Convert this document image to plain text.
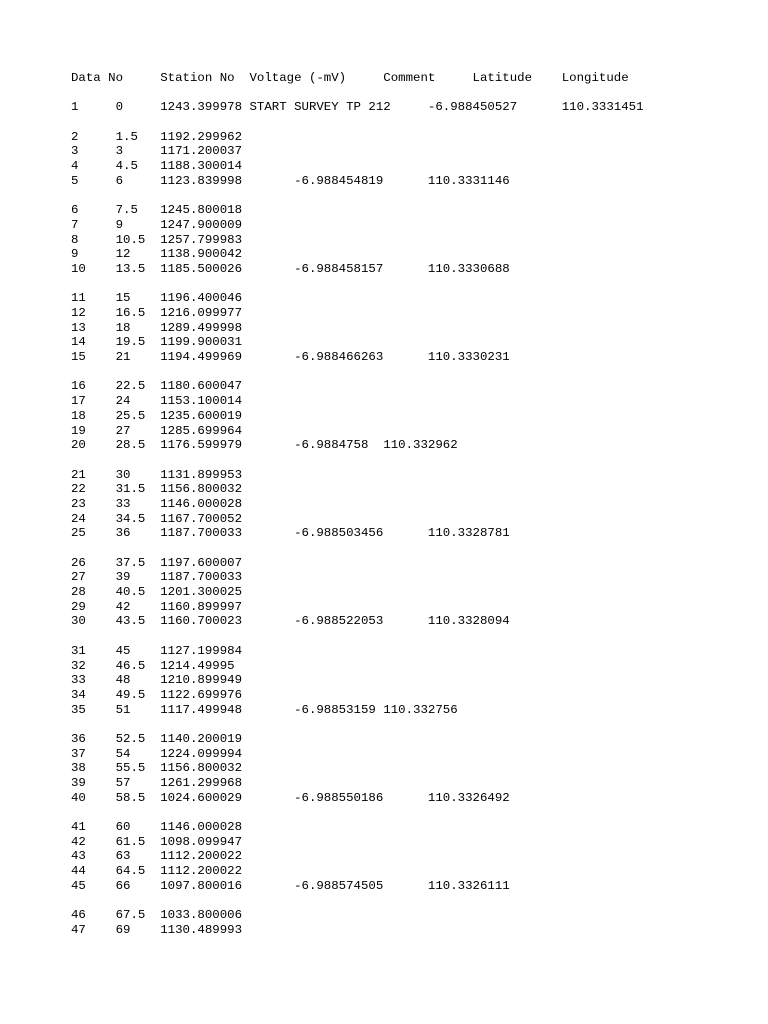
Data No     Station No  Voltage (-mV)     Comment     Latitude    Longitude
1     0     1243.399978 START SURVEY TP 212     -6.988450527      110.3331451
2     1.5   1192.299962
3     3     1171.200037
4     4.5   1188.300014
5     6     1123.839998       -6.988454819      110.3331146
6     7.5   1245.800018
7     9     1247.900009
8     10.5  1257.799983
9     12    1138.900042
10    13.5  1185.500026       -6.988458157      110.3330688
11    15    1196.400046
12    16.5  1216.099977
13    18    1289.499998
14    19.5  1199.900031
15    21    1194.499969       -6.988466263      110.3330231
16    22.5  1180.600047
17    24    1153.100014
18    25.5  1235.600019
19    27    1285.699964
20    28.5  1176.599979       -6.9884758  110.332962
21    30    1131.899953
22    31.5  1156.800032
23    33    1146.000028
24    34.5  1167.700052
25    36    1187.700033       -6.988503456      110.3328781
26    37.5  1197.600007
27    39    1187.700033
28    40.5  1201.300025
29    42    1160.899997
30    43.5  1160.700023       -6.988522053      110.3328094
31    45    1127.199984
32    46.5  1214.49995
33    48    1210.899949
34    49.5  1122.699976
35    51    1117.499948       -6.98853159 110.332756
36    52.5  1140.200019
37    54    1224.099994
38    55.5  1156.800032
39    57    1261.299968
40    58.5  1024.600029       -6.988550186      110.3326492
41    60    1146.000028
42    61.5  1098.099947
43    63    1112.200022
44    64.5  1112.200022
45    66    1097.800016       -6.988574505      110.3326111
46    67.5  1033.800006
47    69    1130.489993
